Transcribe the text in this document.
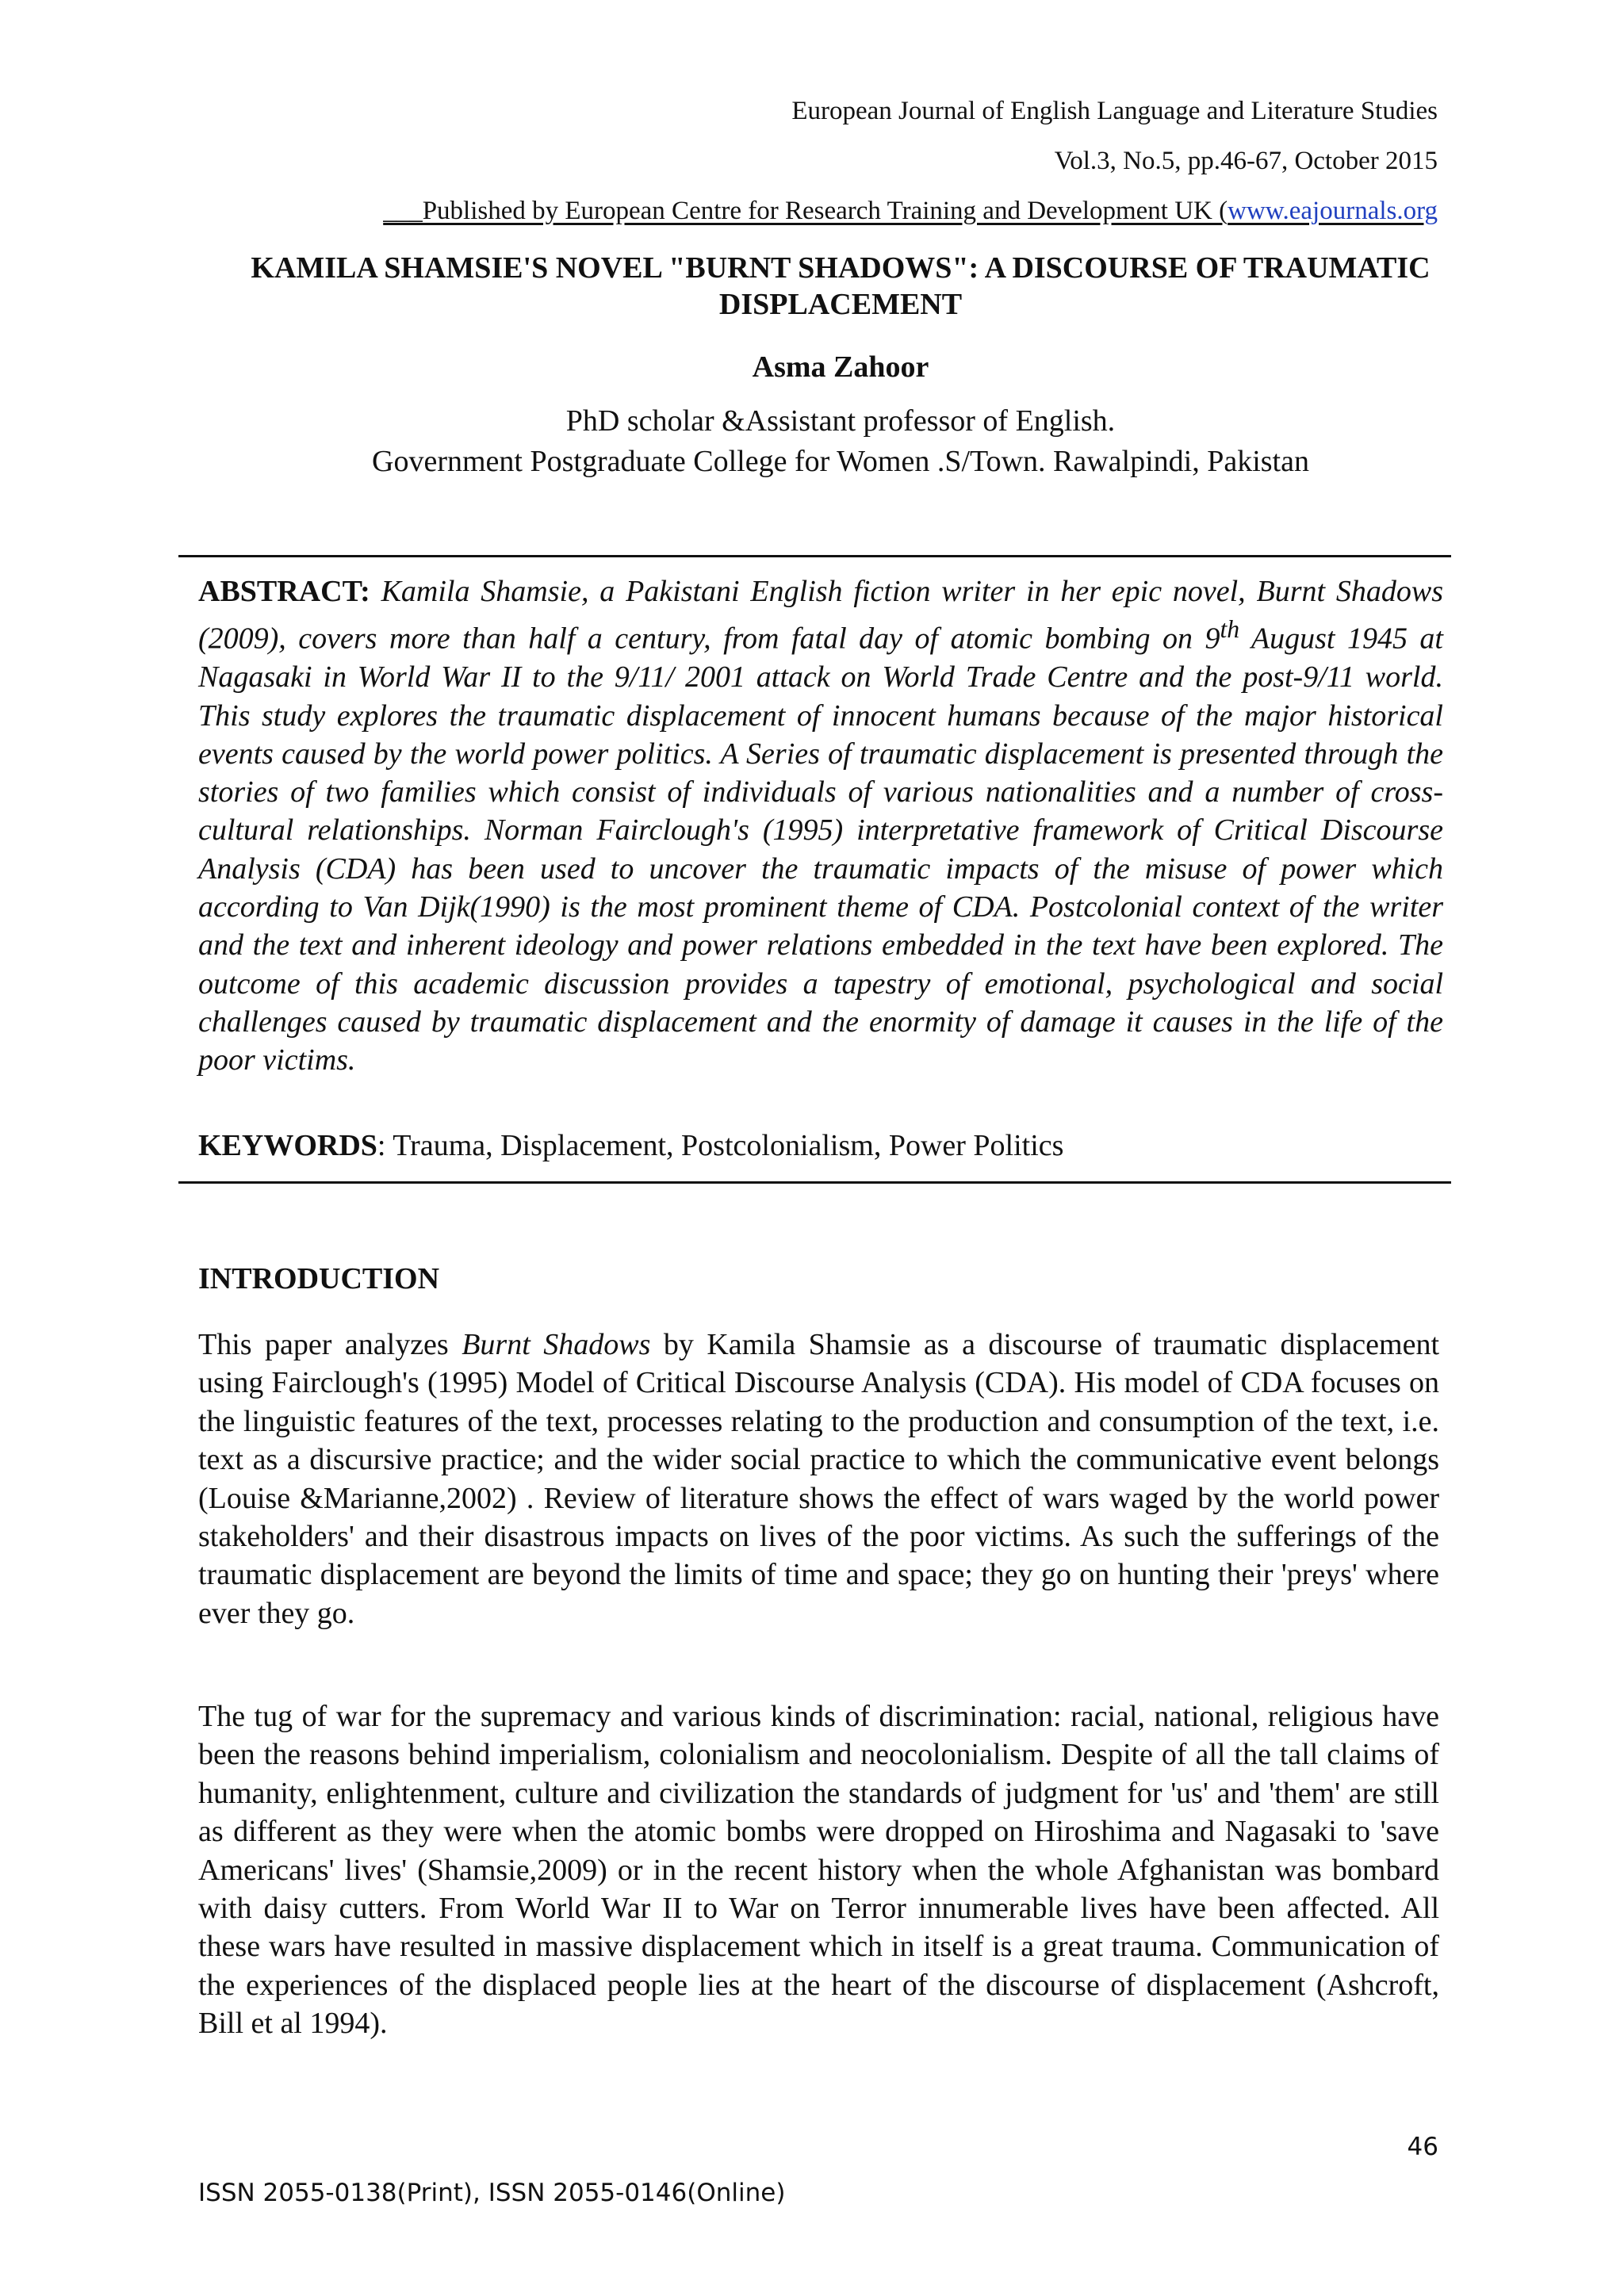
European Journal of English Language and Literature Studies
Vol.3, No.5, pp.46-67, October 2015
___Published by European Centre for Research Training and Development UK (www.eajournals.org
KAMILA SHAMSIE'S NOVEL "BURNT SHADOWS": A DISCOURSE OF TRAUMATIC
DISPLACEMENT
Asma Zahoor
PhD scholar &Assistant professor of English.
Government Postgraduate College for Women .S/Town. Rawalpindi, Pakistan

ABSTRACT: Kamila Shamsie, a Pakistani English fiction writer in her epic novel, Burnt Shadows (2009), covers more than half a century, from fatal day of atomic bombing on 9th August 1945 at Nagasaki in World War II to the 9/11/ 2001 attack on World Trade Centre and the post-9/11 world. This study explores the traumatic displacement of innocent humans because of the major historical events caused by the world power politics. A Series of traumatic displacement is presented through the stories of two families which consist of individuals of various nationalities and a number of cross-cultural relationships. Norman Fairclough's (1995) interpretative framework of Critical Discourse Analysis (CDA) has been used to uncover the traumatic impacts of the misuse of power which according to Van Dijk(1990) is the most prominent theme of CDA. Postcolonial context of the writer and the text and inherent ideology and power relations embedded in the text have been explored. The outcome of this academic discussion provides a tapestry of emotional, psychological and social challenges caused by traumatic displacement and the enormity of damage it causes in the life of the poor victims.

KEYWORDS: Trauma, Displacement, Postcolonialism, Power Politics

INTRODUCTION

This paper analyzes Burnt Shadows by Kamila Shamsie as a discourse of traumatic displacement using Fairclough's (1995) Model of Critical Discourse Analysis (CDA). His model of CDA focuses on the linguistic features of the text, processes relating to the production and consumption of the text, i.e. text as a discursive practice; and the wider social practice to which the communicative event belongs (Louise &Marianne,2002) . Review of literature shows the effect of wars waged by the world power stakeholders' and their disastrous impacts on lives of the poor victims. As such the sufferings of the traumatic displacement are beyond the limits of time and space; they go on hunting their 'preys' where ever they go.

The tug of war for the supremacy and various kinds of discrimination: racial, national, religious have been the reasons behind imperialism, colonialism and neocolonialism. Despite of all the tall claims of humanity, enlightenment, culture and civilization the standards of judgment for 'us' and 'them' are still as different as they were when the atomic bombs were dropped on Hiroshima and Nagasaki to 'save Americans' lives' (Shamsie,2009) or in the recent history when the whole Afghanistan was bombard with daisy cutters. From World War II to War on Terror innumerable lives have been affected. All these wars have resulted in massive displacement which in itself is a great trauma. Communication of the experiences of the displaced people lies at the heart of the discourse of displacement (Ashcroft, Bill et al 1994).

46
ISSN 2055-0138(Print), ISSN 2055-0146(Online)
